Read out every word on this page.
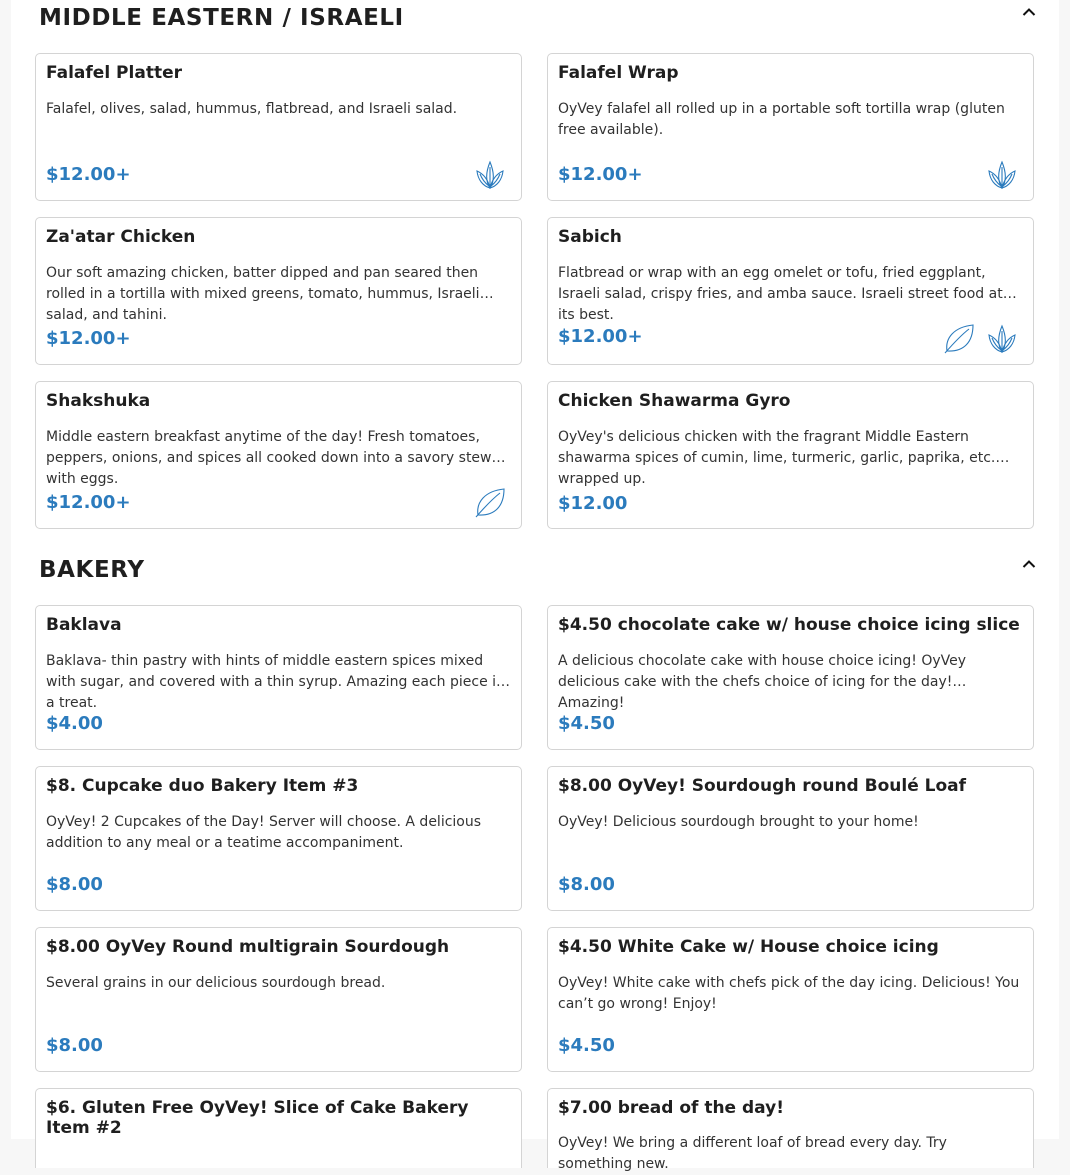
MIDDLE EASTERN / ISRAELI
Falafel Platter
Falafel, olives, salad, hummus, flatbread, and Israeli salad.
$12.00+
Falafel Wrap
OyVey falafel all rolled up in a portable soft tortilla wrap (gluten free available).
$12.00+
Za'atar Chicken
Our soft amazing chicken, batter dipped and pan seared then rolled in a tortilla with mixed greens, tomato, hummus, Israeli salad, and tahini.
$12.00+
Sabich
Flatbread or wrap with an egg omelet or tofu, fried eggplant, Israeli salad, crispy fries, and amba sauce. Israeli street food at its best.
$12.00+
Shakshuka
Middle eastern breakfast anytime of the day! Fresh tomatoes, peppers, onions, and spices all cooked down into a savory stew with eggs.
$12.00+
Chicken Shawarma Gyro
OyVey's delicious chicken with the fragrant Middle Eastern shawarma spices of cumin, lime, turmeric, garlic, paprika, etc. wrapped up.
$12.00
BAKERY
Baklava
Baklava- thin pastry with hints of middle eastern spices mixed with sugar, and covered with a thin syrup. Amazing each piece is a treat.
$4.00
$4.50 chocolate cake w/ house choice icing slice
A delicious chocolate cake with house choice icing! OyVey delicious cake with the chefs choice of icing for the day! Amazing!
$4.50
$8. Cupcake duo Bakery Item #3
OyVey! 2 Cupcakes of the Day! Server will choose. A delicious addition to any meal or a teatime accompaniment.
$8.00
$8.00 OyVey! Sourdough round Boulé Loaf
OyVey! Delicious sourdough brought to your home!
$8.00
$8.00 OyVey Round multigrain Sourdough
Several grains in our delicious sourdough bread.
$8.00
$4.50 White Cake w/ House choice icing
OyVey! White cake with chefs pick of the day icing. Delicious! You can’t go wrong! Enjoy!
$4.50
$6. Gluten Free OyVey! Slice of Cake Bakery Item #2
$7.00 bread of the day!
OyVey! We bring a different loaf of bread every day. Try something new.
